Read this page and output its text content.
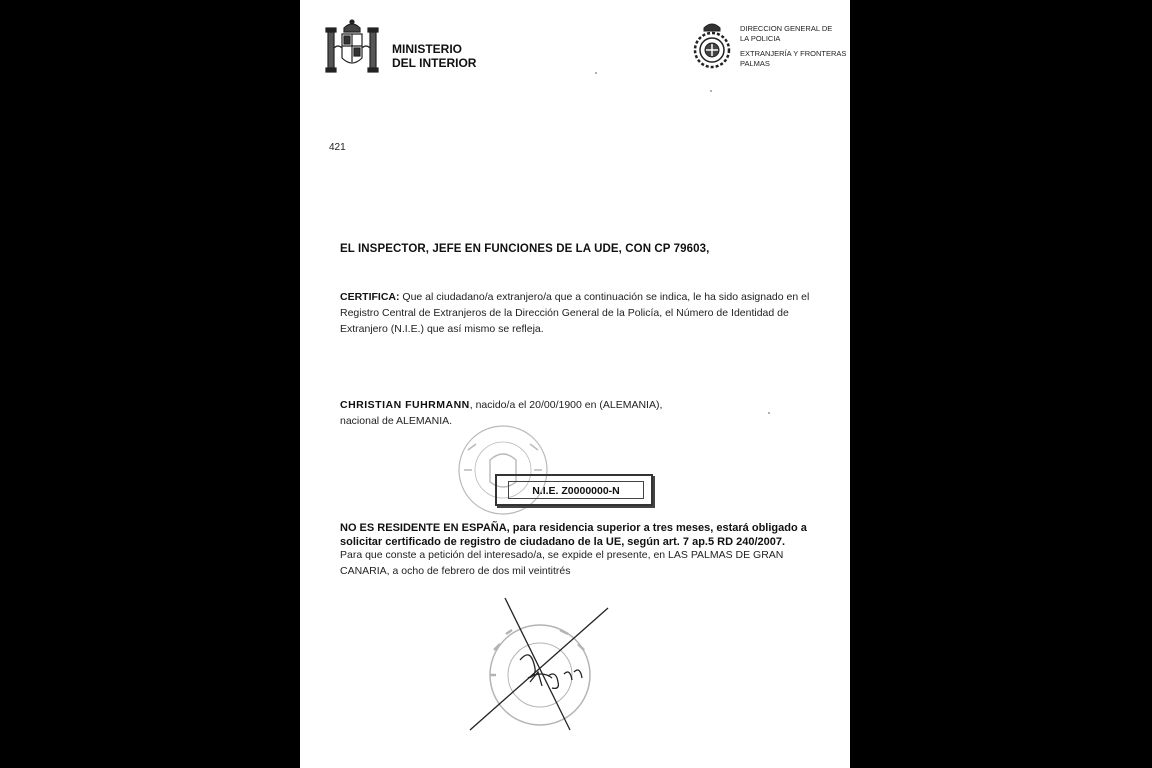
MINISTERIO
DEL INTERIOR
DIRECCION GENERAL DE
LA POLICIA
EXTRANJERÍA Y FRONTERAS
PALMAS
421
EL INSPECTOR, JEFE EN FUNCIONES DE LA UDE, CON CP 79603,
CERTIFICA: Que al ciudadano/a extranjero/a que a continuación se indica, le ha sido asignado en el Registro Central de Extranjeros de la Dirección General de la Policía, el Número de Identidad de Extranjero (N.I.E.) que así mismo se refleja.
CHRISTIAN FUHRMANN, nacido/a el 20/00/1900 en (ALEMANIA),
nacional de ALEMANIA.
N.I.E. Z0000000-N
NO ES RESIDENTE EN ESPAÑA, para residencia superior a tres meses, estará obligado a solicitar certificado de registro de ciudadano de la UE, según art. 7 ap.5 RD 240/2007.
Para que conste a petición del interesado/a, se expide el presente, en LAS PALMAS DE GRAN CANARIA, a ocho de febrero de dos mil veintitrés
